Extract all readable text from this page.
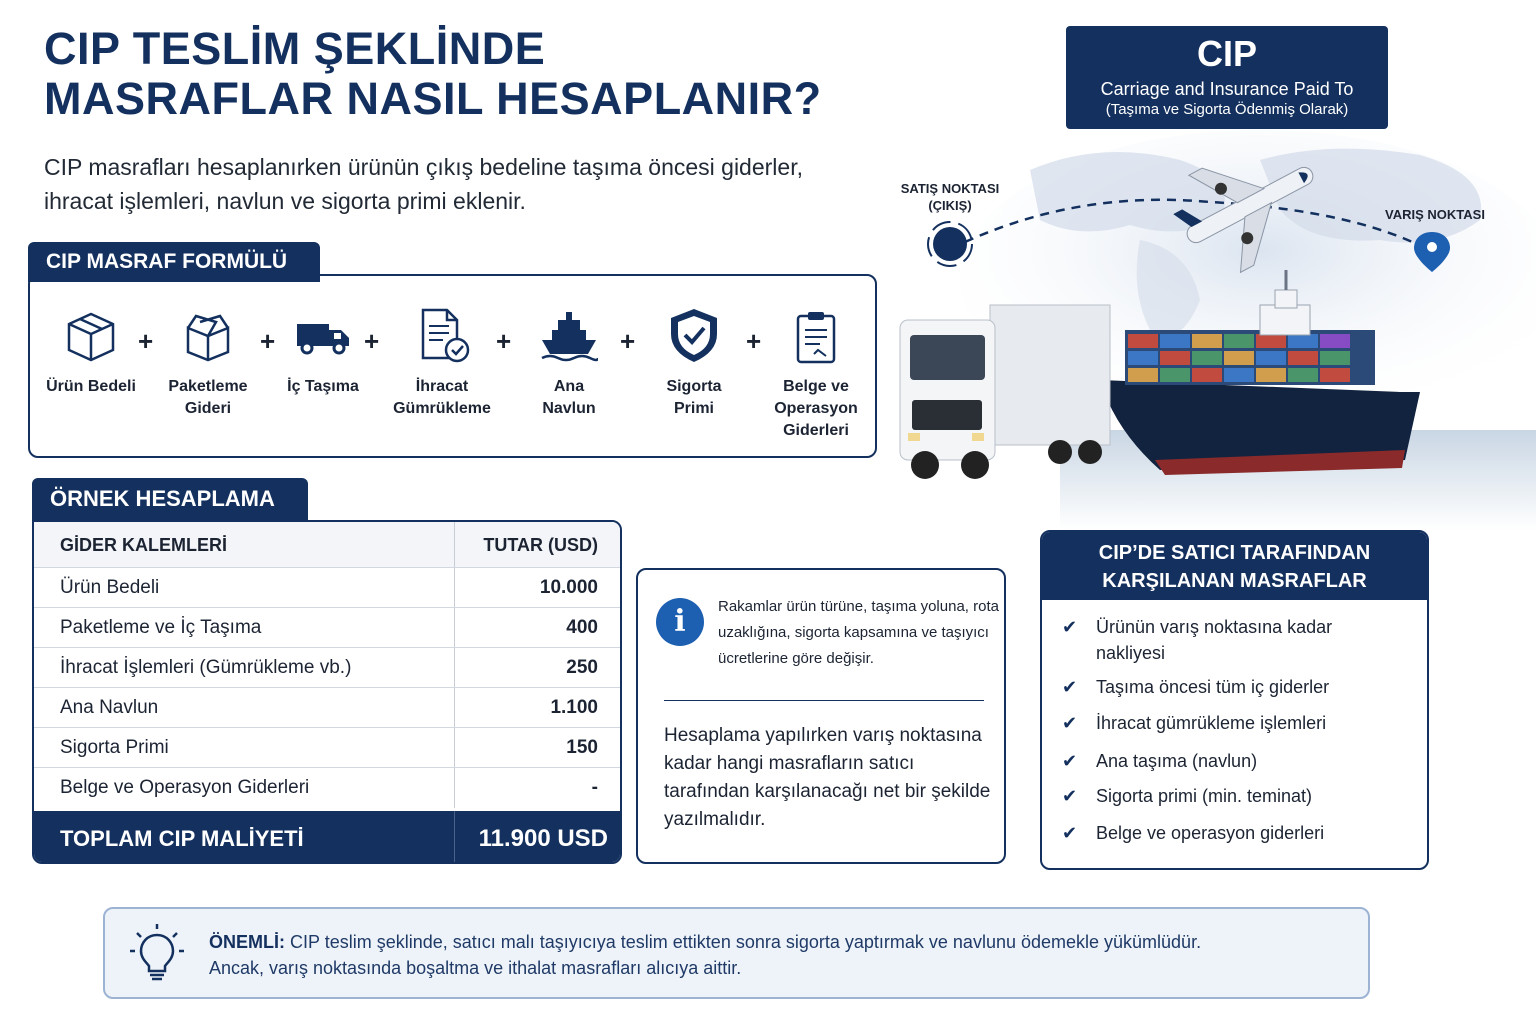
CIP TESLİM ŞEKLİNDE
MASRAFLAR NASIL HESAPLANIR?

CIP masrafları hesaplanırken ürünün çıkış bedeline taşıma öncesi giderler, ihracat işlemleri, navlun ve sigorta primi eklenir.

CIP
Carriage and Insurance Paid To
(Taşıma ve Sigorta Ödenmiş Olarak)
SATIŞ NOKTASI
(ÇIKIŞ)
VARIŞ NOKTASI
CIP MASRAF FORMÜLÜ
Ürün Bedeli
+
Paketleme
Gideri
+
İç Taşıma
+
İhracat
Gümrükleme
+
Ana
Navlun
+
Sigorta
Primi
+
Belge ve
Operasyon
Giderleri
ÖRNEK HESAPLAMA
GİDER KALEMLERİ	TUTAR (USD)
Ürün Bedeli	10.000
Paketleme ve İç Taşıma	400
İhracat İşlemleri (Gümrükleme vb.)	250
Ana Navlun	1.100
Sigorta Primi	150
Belge ve Operasyon Giderleri	-
TOPLAM CIP MALİYETİ	11.900 USD
i	Rakamlar ürün türüne, taşıma yoluna, rota uzaklığına, sigorta kapsamına ve taşıyıcı ücretlerine göre değişir.

Hesaplama yapılırken varış noktasına kadar hangi masrafların satıcı tarafından karşılanacağı net bir şekilde yazılmalıdır.

CIP’DE SATICI TARAFINDAN
KARŞILANAN MASRAFLAR
✔ Ürünün varış noktasına kadar nakliyesi
✔ Taşıma öncesi tüm iç giderler
✔ İhracat gümrükleme işlemleri
✔ Ana taşıma (navlun)
✔ Sigorta primi (min. teminat)
✔ Belge ve operasyon giderleri
ÖNEMLİ: CIP teslim şeklinde, satıcı malı taşıyıcıya teslim ettikten sonra sigorta yaptırmak ve navlunu ödemekle yükümlüdür.
Ancak, varış noktasında boşaltma ve ithalat masrafları alıcıya aittir.
